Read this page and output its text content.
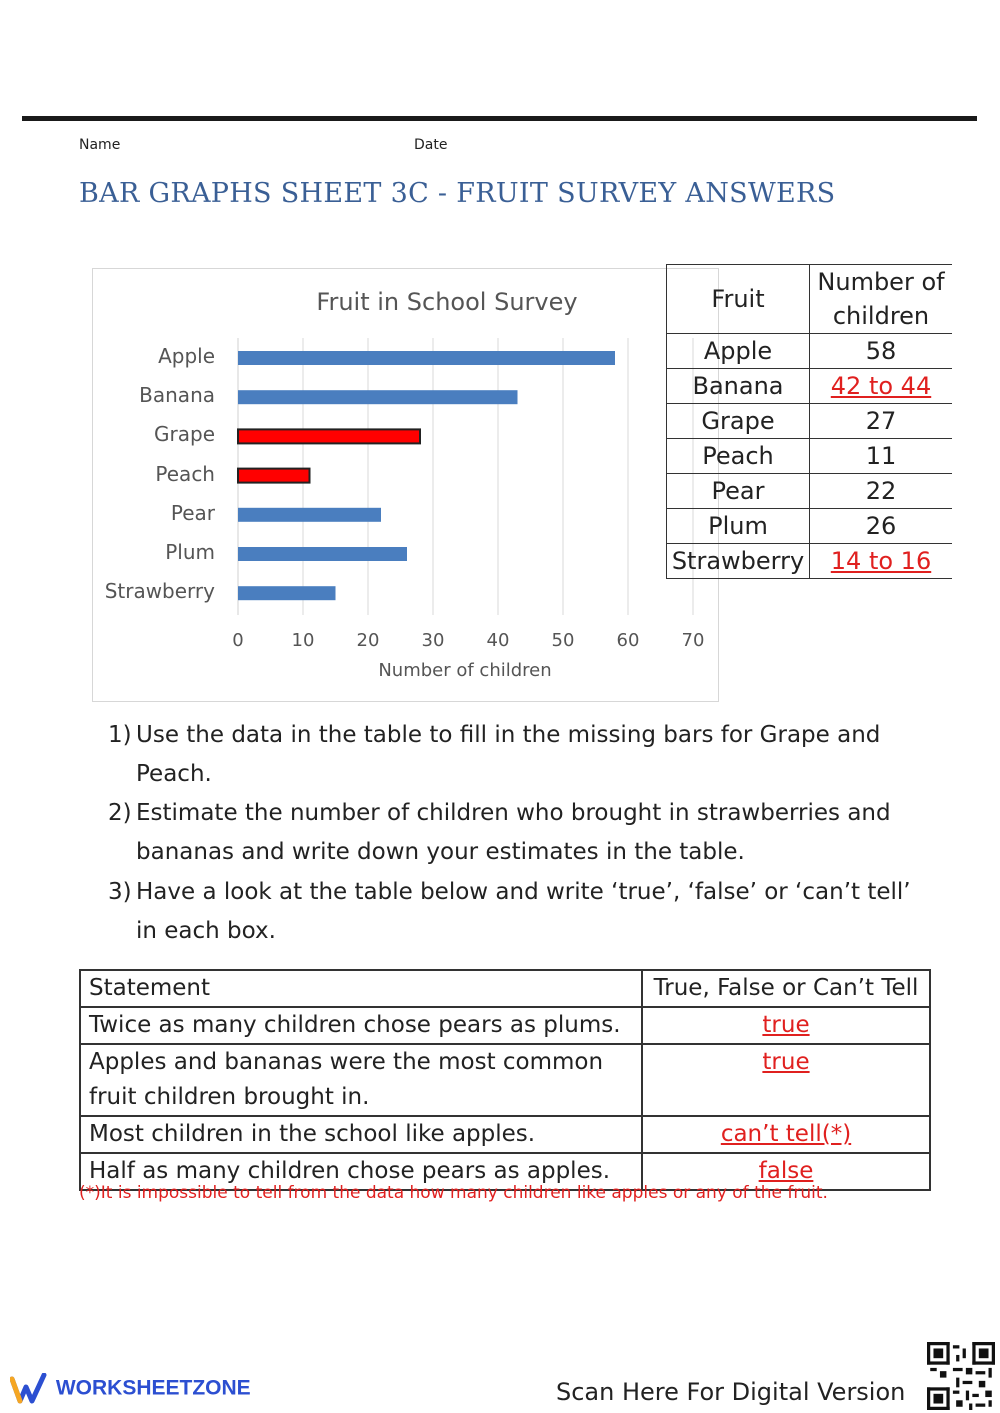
Name	Date
BAR GRAPHS SHEET 3C - FRUIT SURVEY ANSWERS
Fruit in School Survey
Apple
Banana
Grape
Peach
Pear
Plum
Strawberry
0	10	20	30	40	50	60	70
Number of children
Fruit	Number of children
Apple	58
Banana	42 to 44
Grape	27
Peach	11
Pear	22
Plum	26
Strawberry	14 to 16
1) Use the data in the table to fill in the missing bars for Grape and
Peach.
2) Estimate the number of children who brought in strawberries and
bananas and write down your estimates in the table.
3) Have a look at the table below and write ‘true’, ‘false’ or ‘can’t tell’
in each box.
Statement	True, False or Can’t Tell
Twice as many children chose pears as plums.	true
Apples and bananas were the most common fruit children brought in.	true
Most children in the school like apples.	can’t tell(*)
Half as many children chose pears as apples.	false
(*)It is impossible to tell from the data how many children like apples or any of the fruit.
WORKSHEETZONE	Scan Here For Digital Version
